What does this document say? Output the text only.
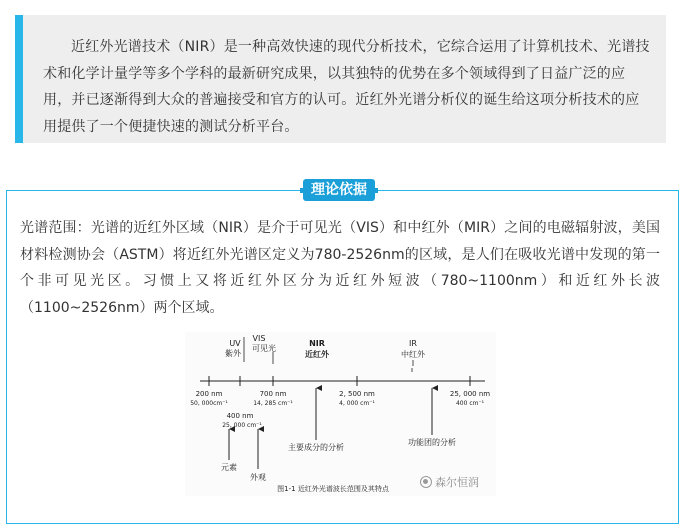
近红外光谱技术（NIR）是一种高效快速的现代分析技术，它综合运用了计算机技术、光谱技术和化学计量学等多个学科的最新研究成果，以其独特的优势在多个领域得到了日益广泛的应用，并已逐渐得到大众的普遍接受和官方的认可。近红外光谱分析仪的诞生给这项分析技术的应用提供了一个便捷快速的测试分析平台。

理论依据

光谱范围：光谱的近红外区域（NIR）是介于可见光（VIS）和中红外（MIR）之间的电磁辐射波，美国材料检测协会（ASTM）将近红外光谱区定义为780-2526nm的区域，是人们在吸收光谱中发现的第一个非可见光区。习惯上又将近红外区分为近红外短波（780~1100nm）和近红外长波（1100~2526nm）两个区域。

UV
紫外
VIS
可见光
NIR
近红外
IR
中红外
200 nm
50, 000cm⁻¹
700 nm
14, 285 cm⁻¹
2, 500 nm
4, 000 cm⁻¹
25, 000 nm
400 cm⁻¹
400 nm
25, 000 cm⁻¹
元素
外观
主要成分的分析
功能团的分析
图1-1 近红外光谱波长范围及其特点	森尔恒润
